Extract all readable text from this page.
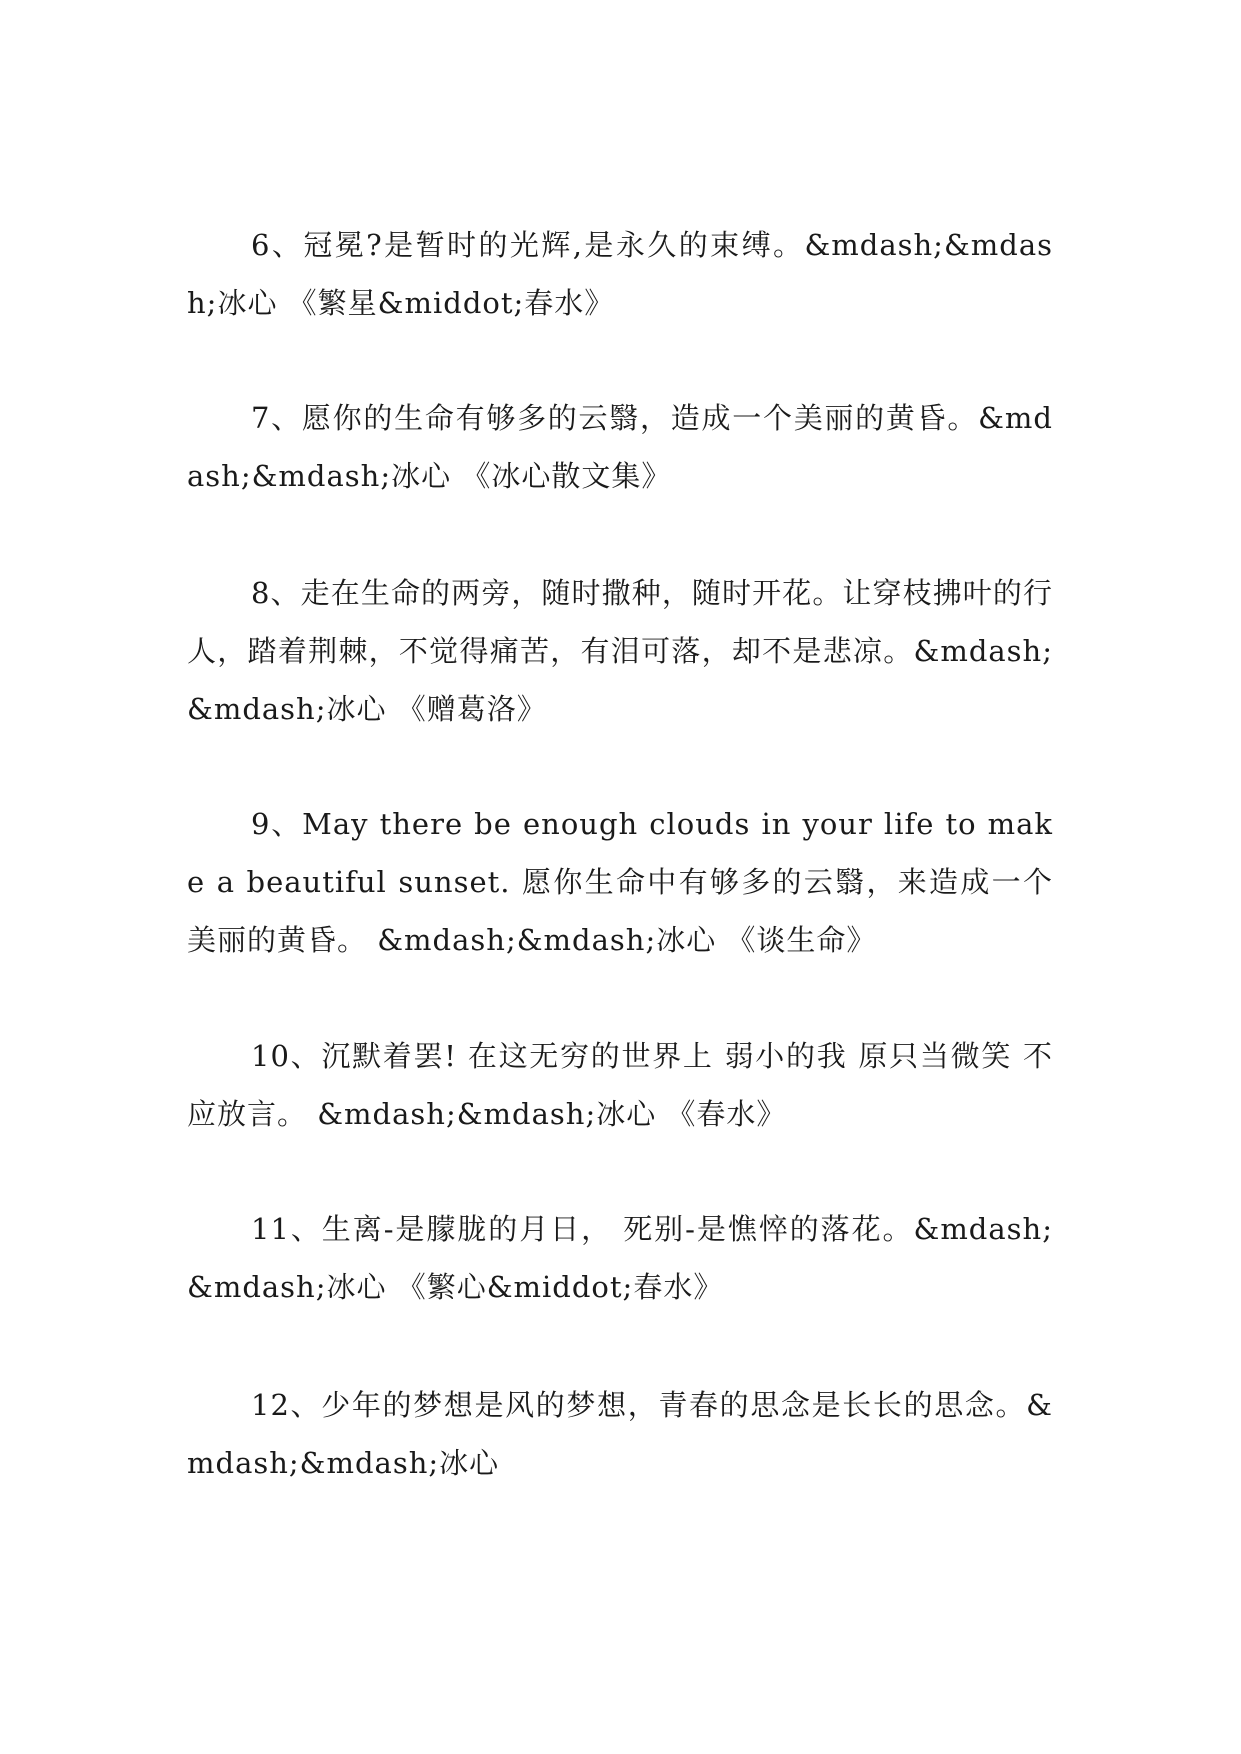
6、冠冕?是暂时的光辉,是永久的束缚。&mdash;&mdash;冰心 《繁星&middot;春水》

7、愿你的生命有够多的云翳，造成一个美丽的黄昏。&mdash;&mdash;冰心 《冰心散文集》

8、走在生命的两旁，随时撒种，随时开花。让穿枝拂叶的行人，踏着荆棘，不觉得痛苦，有泪可落，却不是悲凉。&mdash;&mdash;冰心 《赠葛洛》

9、May there be enough clouds in your life to make a beautiful sunset. 愿你生命中有够多的云翳，来造成一个美丽的黄昏。 &mdash;&mdash;冰心 《谈生命》

10、沉默着罢! 在这无穷的世界上 弱小的我 原只当微笑 不应放言。 &mdash;&mdash;冰心 《春水》

11、生离-是朦胧的月日， 死别-是憔悴的落花。&mdash;&mdash;冰心 《繁心&middot;春水》

12、少年的梦想是风的梦想，青春的思念是长长的思念。&mdash;&mdash;冰心
